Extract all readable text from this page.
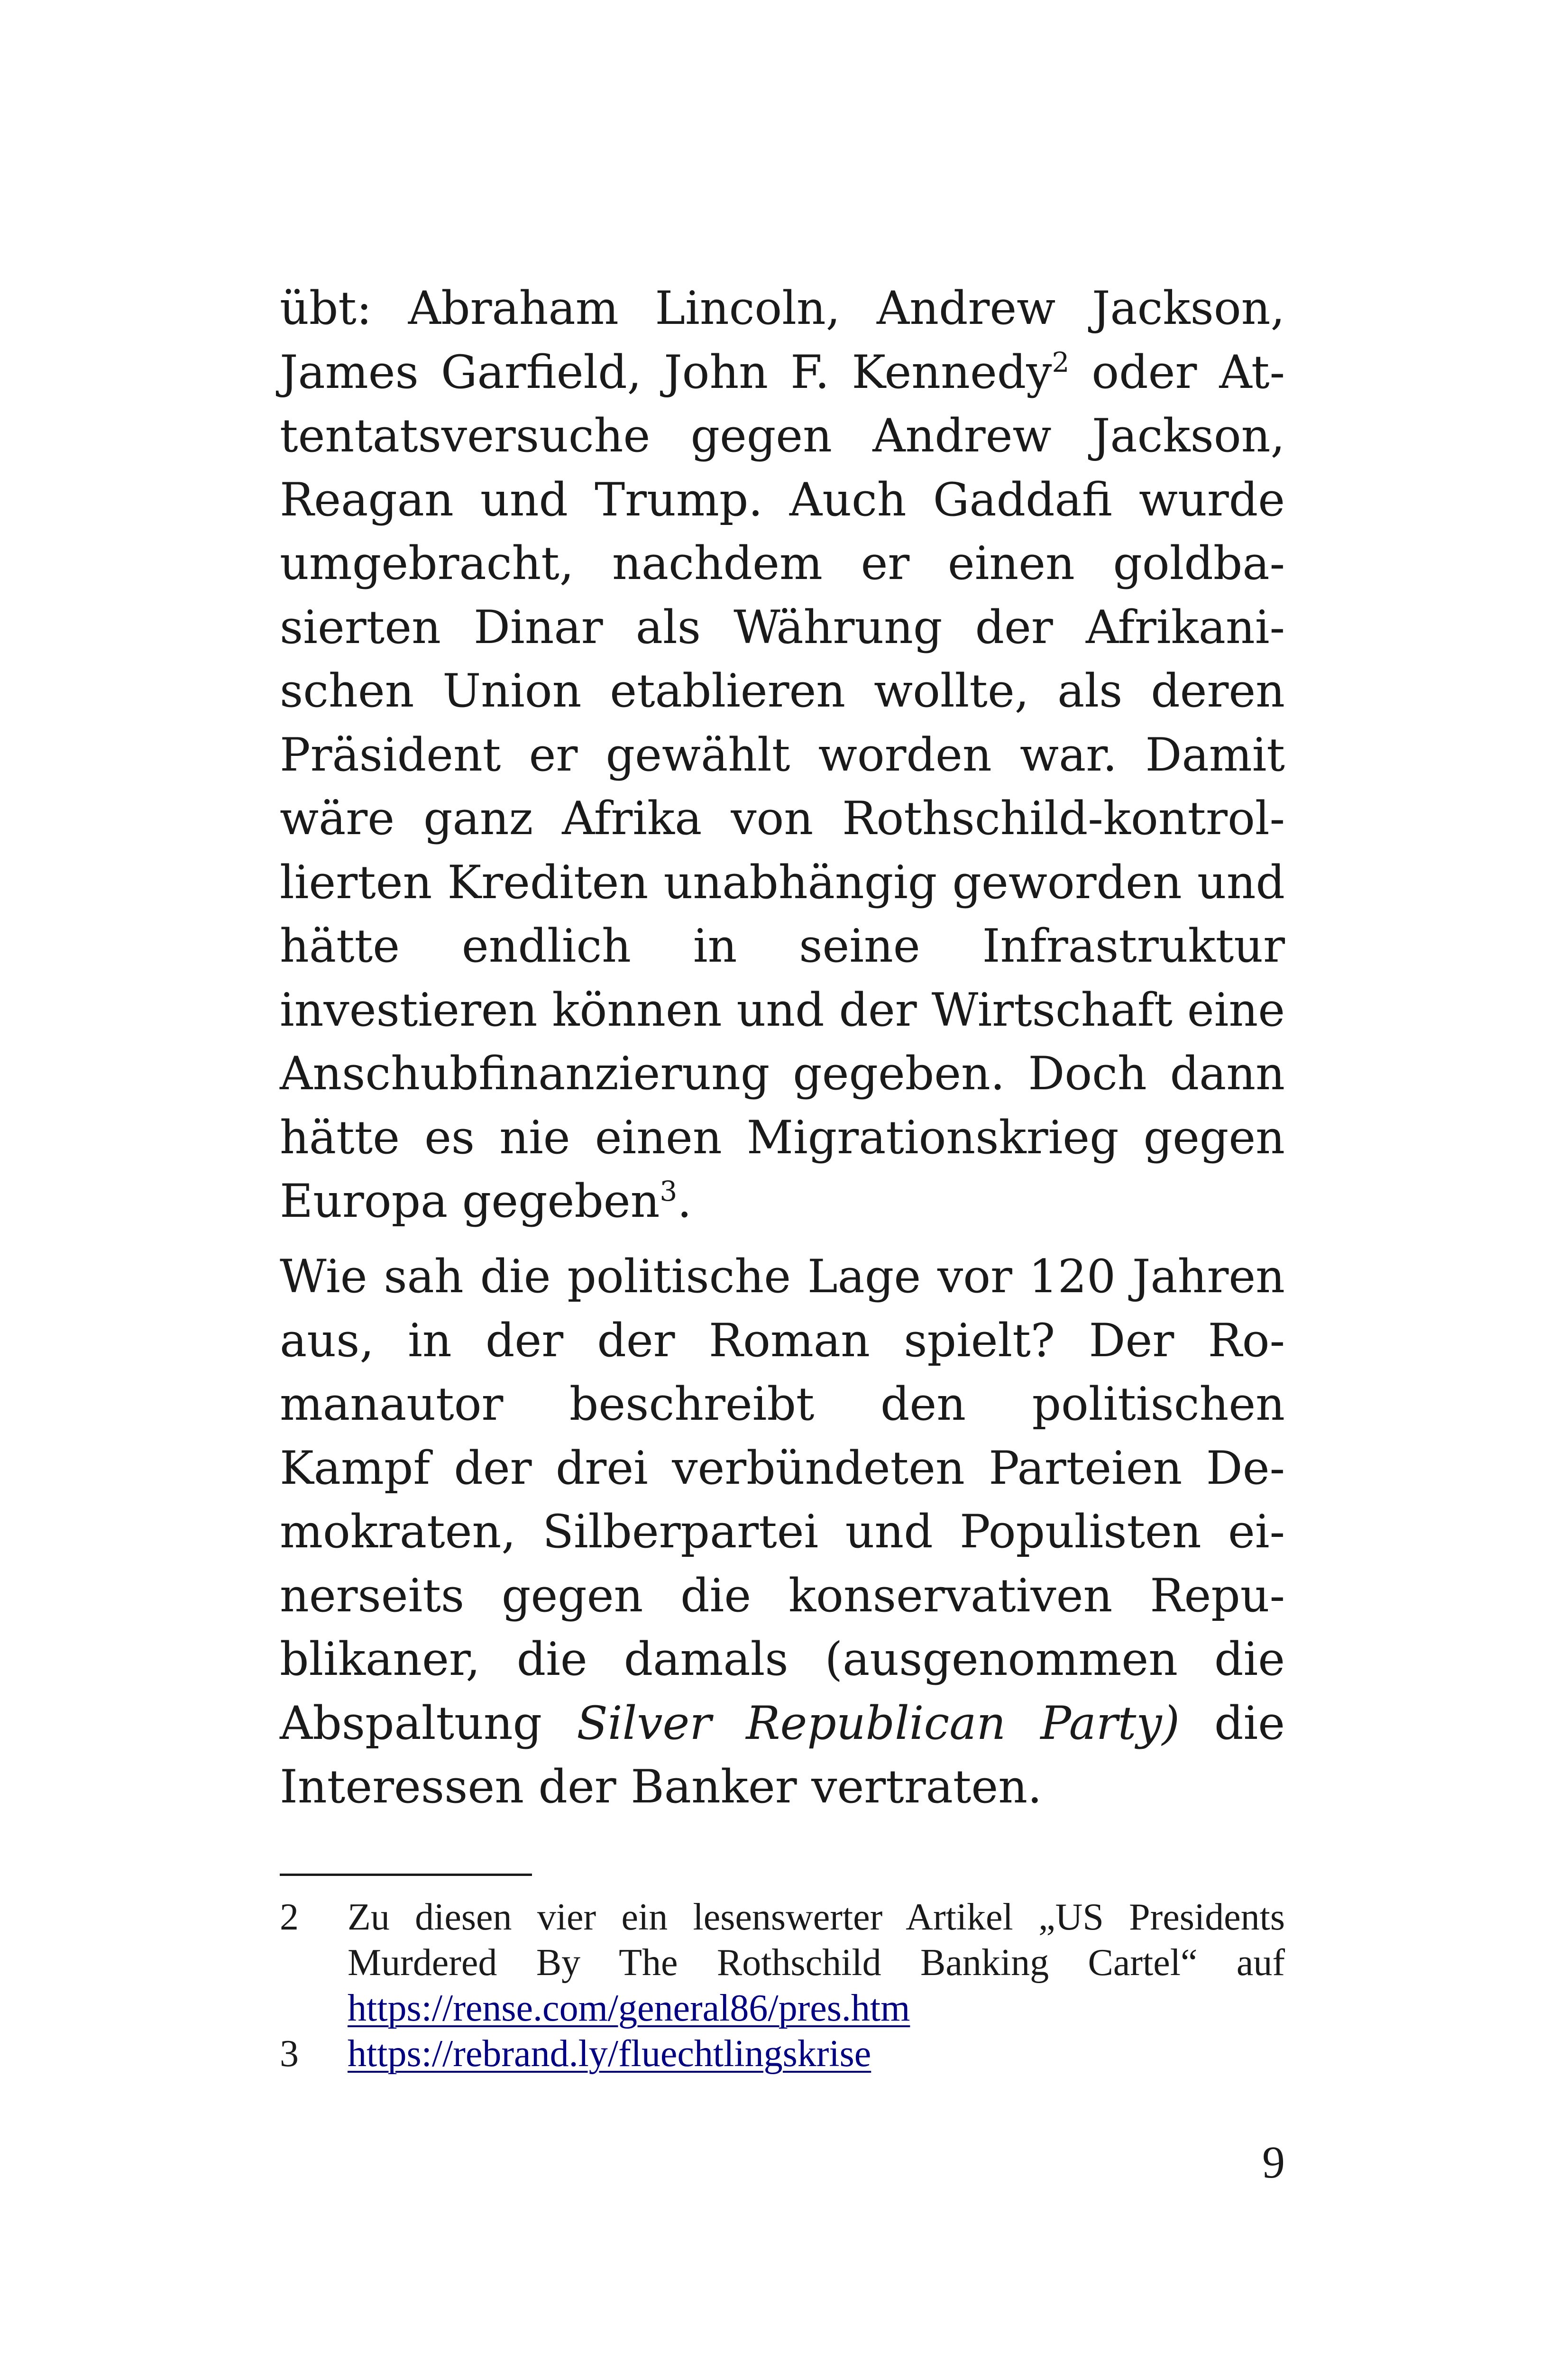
übt: Abraham Lincoln, Andrew Jackson, James Garfield, John F. Kennedy$^2$ oder Attentatsversuche gegen Andrew Jackson, Reagan und Trump. Auch Gaddafi wurde umgebracht, nachdem er einen goldbasierten Dinar als Währung der Afrikanischen Union etablieren wollte, als deren Präsident er gewählt worden war. Damit wäre ganz Afrika von Rothschild-kontrollierten Krediten unabhängig geworden und hätte endlich in seine Infrastruktur investieren können und der Wirtschaft eine Anschubfinanzierung gegeben. Doch dann hätte es nie einen Migrationskrieg gegen Europa gegeben$^3$.

Wie sah die politische Lage vor 120 Jahren aus, in der der Roman spielt? Der Romanautor beschreibt den politischen Kampf der drei verbündeten Parteien Demokraten, Silberpartei und Populisten einerseits gegen die konservativen Republikaner, die damals (ausgenommen die Abspaltung Silver Republican Party) die Interessen der Banker vertraten.

2	Zu diesen vier ein lesenswerter Artikel „US Presidents Murdered By The Rothschild Banking Cartel“ auf
https://rense.com/general86/pres.htm
3	https://rebrand.ly/fluechtlingskrise
9
